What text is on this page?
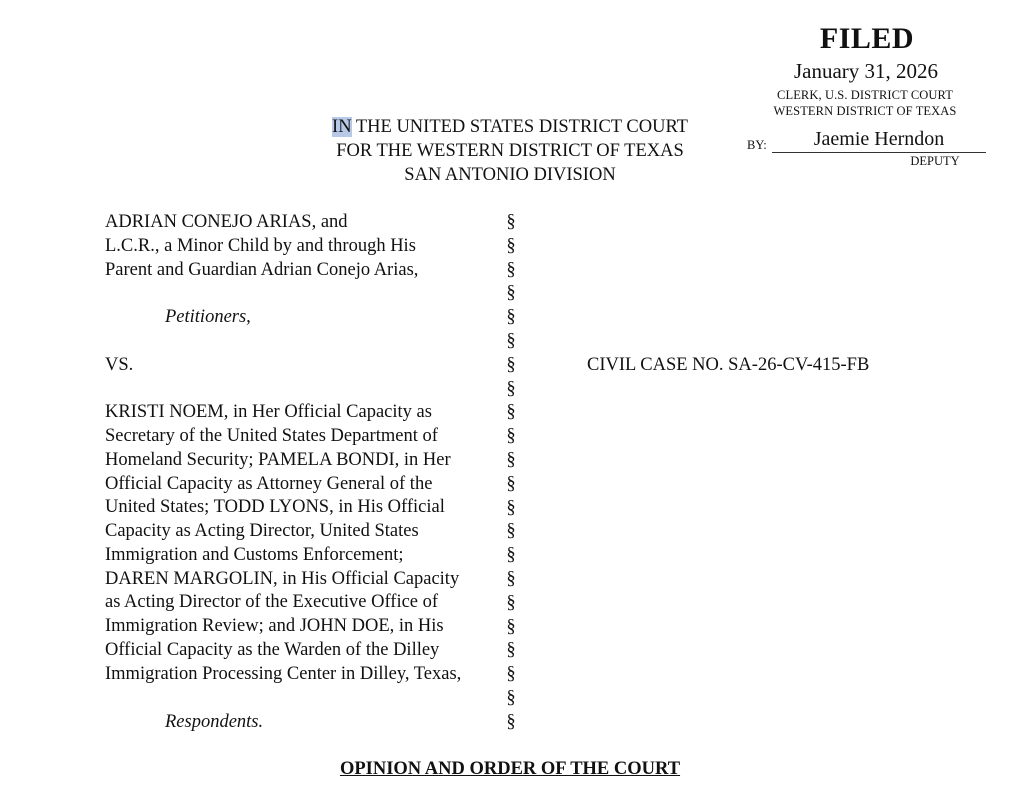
FILED
January 31, 2026
CLERK, U.S. DISTRICT COURT
WESTERN DISTRICT OF TEXAS
BY:	Jaemie Herndon
DEPUTY
IN THE UNITED STATES DISTRICT COURT
FOR THE WESTERN DISTRICT OF TEXAS
SAN ANTONIO DIVISION
ADRIAN CONEJO ARIAS, and
L.C.R., a Minor Child by and through His
Parent and Guardian Adrian Conejo Arias,
Petitioners,
VS.	CIVIL CASE NO. SA-26-CV-415-FB
KRISTI NOEM, in Her Official Capacity as
Secretary of the United States Department of
Homeland Security; PAMELA BONDI, in Her
Official Capacity as Attorney General of the
United States; TODD LYONS, in His Official
Capacity as Acting Director, United States
Immigration and Customs Enforcement;
DAREN MARGOLIN, in His Official Capacity
as Acting Director of the Executive Office of
Immigration Review; and JOHN DOE, in His
Official Capacity as the Warden of the Dilley
Immigration Processing Center in Dilley, Texas,
Respondents.
§
§
§
§
§
§
§
§
§
§
§
§
§
§
§
§
§
§
§
§
§
§
OPINION AND ORDER OF THE COURT
